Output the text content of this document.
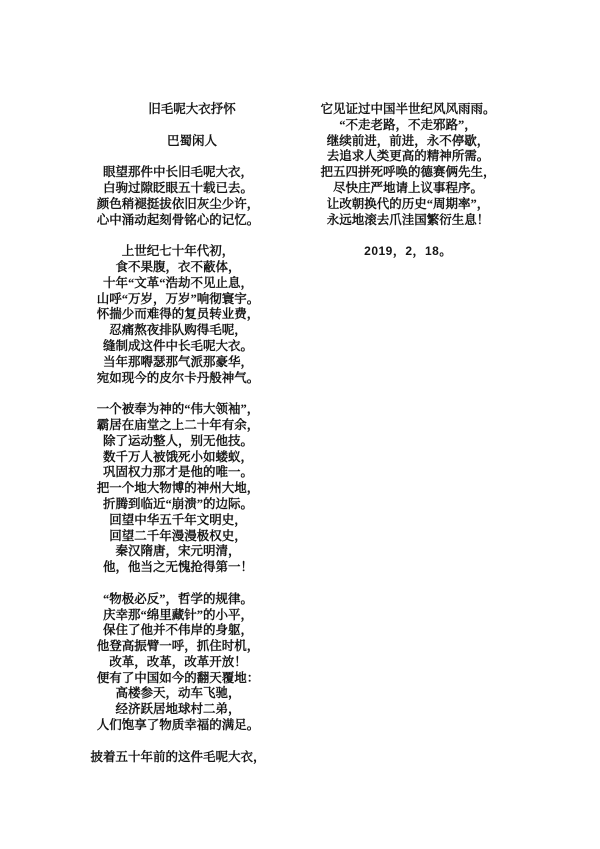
旧毛呢大衣抒怀
巴蜀闲人
眼望那件中长旧毛呢大衣，
白驹过隙眨眼五十载已去。
颜色稍褪挺拔依旧灰尘少许，
心中涌动起刻骨铭心的记忆。
上世纪七十年代初，
食不果腹，衣不蔽体，
十年“文革“浩劫不见止息，
山呼“万岁，万岁”响彻寰宇。
怀揣少而难得的复员转业费，
忍痛熬夜排队购得毛呢，
缝制成这件中长毛呢大衣。
当年那嘚瑟那气派那豪华，
宛如现今的皮尔卡丹般神气。
一个被奉为神的“伟大领袖”，
霸居在庙堂之上二十年有余，
除了运动整人，别无他技。
数千万人被饿死小如蝼蚁，
巩固权力那才是他的唯一。
把一个地大物博的神州大地，
折腾到临近“崩溃”的边际。
回望中华五千年文明史，
回望二千年漫漫极权史，
秦汉隋唐，宋元明清，
他，他当之无愧抢得第一！
“物极必反”，哲学的规律。
庆幸那“绵里藏针”的小平，
保住了他并不伟岸的身躯，
他登高振臂一呼，抓住时机，
改革，改革，改革开放！
便有了中国如今的翻天覆地：
高楼参天，动车飞驰，
经济跃居地球村二弟，
人们饱享了物质幸福的满足。
披着五十年前的这件毛呢大衣，
它见证过中国半世纪风风雨雨。
“不走老路，不走邪路”，
继续前进，前进，永不停歇，
去追求人类更高的精神所需。
把五四拼死呼唤的德赛俩先生，
尽快庄严地请上议事程序。
让改朝换代的历史“周期率”，
永远地滚去爪洼国繁衍生息！
2019，2，18。
